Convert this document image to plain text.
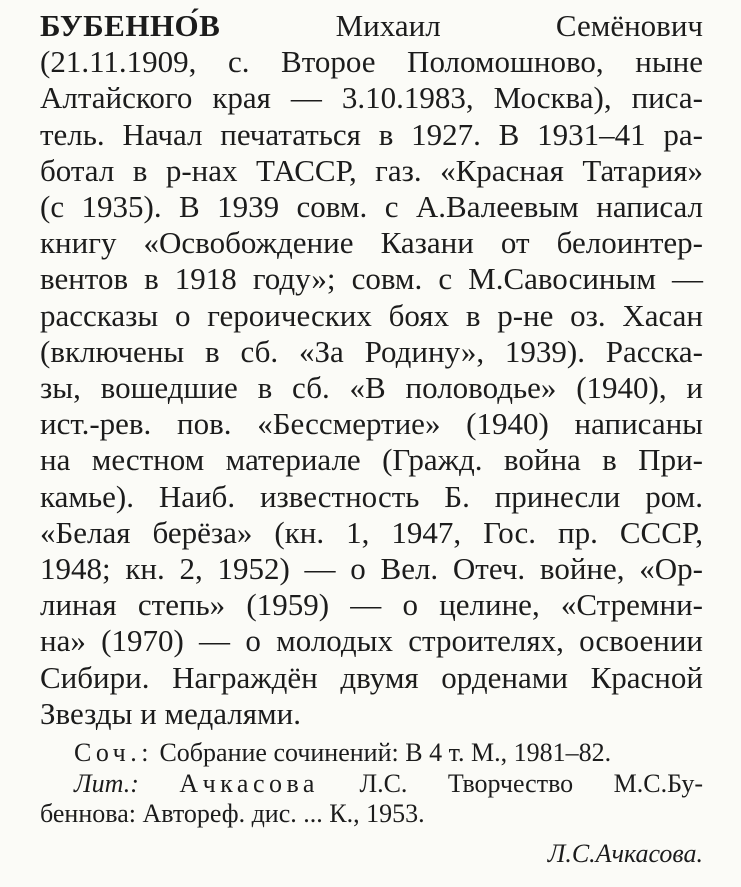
БУБЕННО́В	Михаил Семёнович
(21.11.1909, с. Второе Поломошново, ныне
Алтайского края — 3.10.1983, Москва), писа-
тель. Начал печататься в 1927. В 1931–41 ра-
ботал в р-нах ТАССР, газ. «Красная Татария»
(с 1935). В 1939 совм. с А.Валеевым написал
книгу «Освобождение Казани от белоинтер-
вентов в 1918 году»; совм. с М.Савосиным —
рассказы о героических боях в р-не оз. Хасан
(включены в сб. «За Родину», 1939). Расска-
зы, вошедшие в сб. «В половодье» (1940), и
ист.-рев. пов. «Бессмертие» (1940) написаны
на местном материале (Гражд. война в При-
камье). Наиб. известность Б. принесли ром.
«Белая берёза» (кн. 1, 1947, Гос. пр. СССР,
1948; кн. 2, 1952) — о Вел. Отеч. войне, «Ор-
линая степь» (1959) — о целине, «Стремни-
на» (1970) — о молодых строителях, освоении
Сибири. Награждён двумя орденами Красной
Звезды и медалями.
Соч.: Собрание сочинений: В 4 т. М., 1981–82.
Лит.: Ачкасова Л.С. Творчество М.С.Бу-
беннова: Автореф. дис. ... К., 1953.
Л.С.Ачкасова.
